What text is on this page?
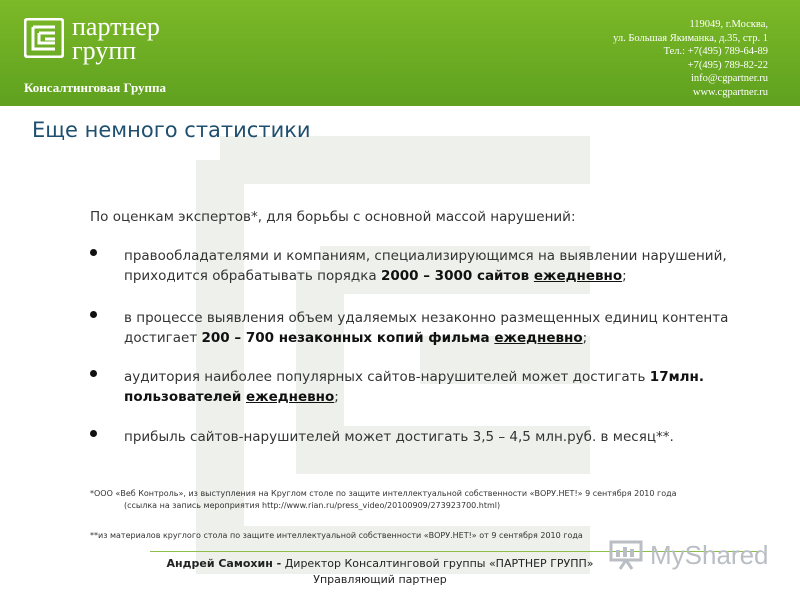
партнер
групп
Консалтинговая Группа
119049, г.Москва,
ул. Большая Якиманка, д.35, стр. 1
Тел.: +7(495) 789-64-89
+7(495) 789-82-22
info@cgpartner.ru
www.cgpartner.ru
Еще немного статистики
По оценкам экспертов*, для борьбы с основной массой нарушений:
правообладателями и компаниям, специализирующимся на выявлении нарушений, приходится обрабатывать порядка 2000 – 3000 сайтов ежедневно;
в процессе выявления объем удаляемых незаконно размещенных единиц контента достигает 200 – 700 незаконных копий фильма ежедневно;
аудитория наиболее популярных сайтов-нарушителей может достигать 17млн. пользователей ежедневно;
прибыль сайтов-нарушителей может достигать 3,5 – 4,5 млн.руб. в месяц**.
*ООО «Веб Контроль», из выступления на Круглом столе по защите интеллектуальной собственности «ВОРУ.НЕТ!» 9 сентября 2010 года
(ссылка на запись мероприятия http://www.rian.ru/press_video/20100909/273923700.html)
**из материалов круглого стола по защите интеллектуальной собственности «ВОРУ.НЕТ!» от 9 сентября 2010 года
Андрей Самохин - Директор Консалтинговой группы «ПАРТНЕР ГРУПП»
Управляющий партнер
MyShared
